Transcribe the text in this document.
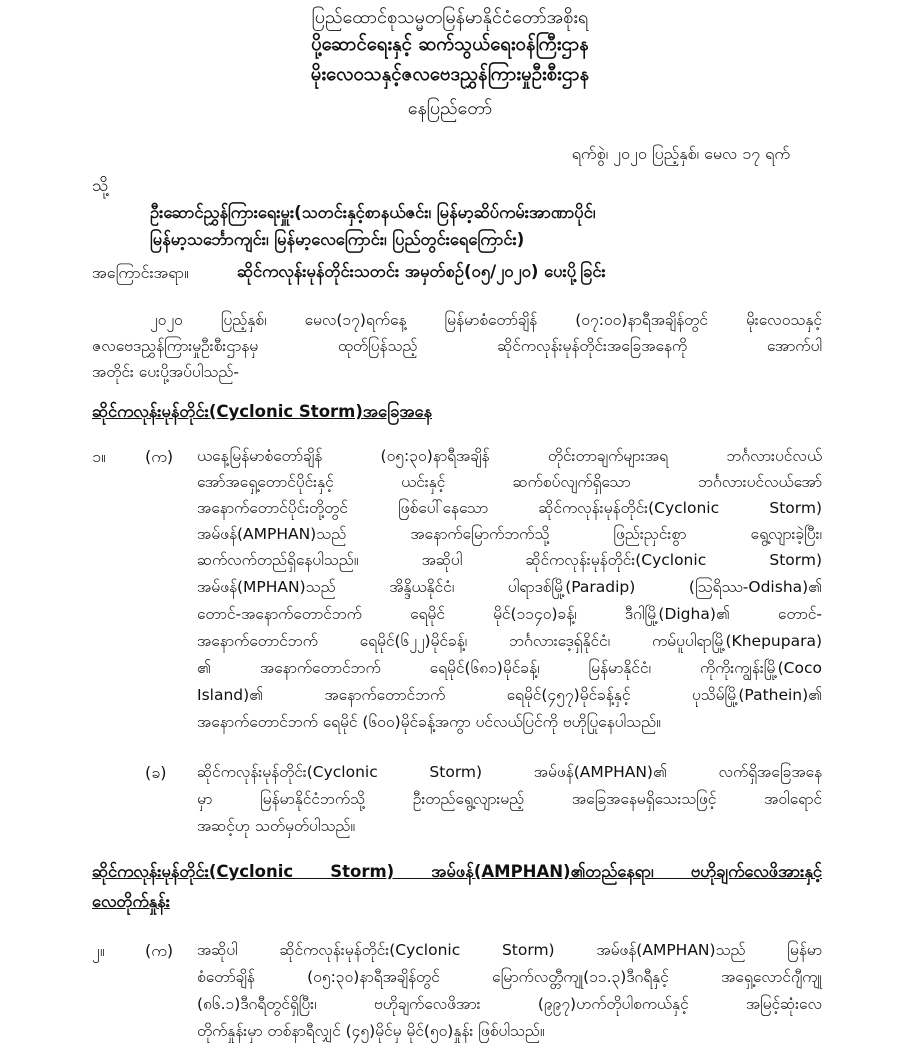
ပြည်ထောင်စုသမ္မတမြန်မာနိုင်ငံတော်အစိုးရ
ပို့ဆောင်ရေးနှင့် ဆက်သွယ်ရေးဝန်ကြီးဌာန
မိုးလေဝသနှင့်ဇလဗေဒညွှန်ကြားမှုဦးစီးဌာန
နေပြည်တော်
ရက်စွဲ၊ ၂၀၂၀ ပြည့်နှစ်၊ မေလ ၁၇ ရက်
သို့
ဦးဆောင်ညွှန်ကြားရေးမှူး(သတင်းနှင့်စာနယ်ဇင်း၊ မြန်မာ့ဆိပ်ကမ်းအာဏာပိုင်၊
မြန်မာ့သင်္ဘောကျင်း၊ မြန်မာ့လေကြောင်း၊ ပြည်တွင်းရေကြောင်း)
အကြောင်းအရာ။	ဆိုင်ကလုန်းမုန်တိုင်းသတင်း အမှတ်စဉ်(၀၅/၂၀၂၀) ပေးပို့ခြင်း
၂၀၂၀ ပြည့်နှစ်၊ မေလ(၁၇)ရက်နေ့ မြန်မာစံတော်ချိန် (၀၇:၀၀)နာရီအချိန်တွင် မိုးလေဝသနှင့်
ဇလဗေဒညွှန်ကြားမှုဦးစီးဌာနမှ ထုတ်ပြန်သည့် ဆိုင်ကလုန်းမုန်တိုင်းအခြေအနေကို အောက်ပါ
အတိုင်း ပေးပို့အပ်ပါသည်-
ဆိုင်ကလုန်းမုန်တိုင်း(Cyclonic Storm)အခြေအနေ
၁။ (က) ယနေ့မြန်မာစံတော်ချိန် (၀၅:၃၀)နာရီအချိန် တိုင်းတာချက်များအရ ဘင်္ဂလားပင်လယ်
အော်အရှေ့တောင်ပိုင်းနှင့် ယင်းနှင့် ဆက်စပ်လျက်ရှိသော ဘင်္ဂလားပင်လယ်အော်
အနောက်တောင်ပိုင်းတို့တွင် ဖြစ်ပေါ်နေသော ဆိုင်ကလုန်းမုန်တိုင်း(Cyclonic Storm)
အမ်ဖန်(AMPHAN)သည် အနောက်မြောက်ဘက်သို့ ဖြည်းညှင်းစွာ ရွေ့လျားခဲ့ပြီး၊
ဆက်လက်တည်ရှိနေပါသည်။ အဆိုပါ ဆိုင်ကလုန်းမုန်တိုင်း(Cyclonic Storm)
အမ်ဖန်(MPHAN)သည် အိန္ဒိယနိုင်ငံ၊ ပါရာဒစ်မြို့(Paradip) (ဩရိဿ-Odisha)၏
တောင်-အနောက်တောင်ဘက် ရေမိုင် မိုင်(၁၁၄၀)ခန့်၊ ဒီဂါမြို့(Digha)၏ တောင်-
အနောက်တောင်ဘက် ရေမိုင်(၆၂၂)မိုင်ခန့်၊ ဘင်္ဂလားဒေ့ရှ်နိုင်ငံ၊ ကမ်ပူပါရာမြို့(Khepupara)
၏ အနောက်တောင်ဘက် ရေမိုင်(၆၈၁)မိုင်ခန့်၊ မြန်မာနိုင်ငံ၊ ကိုကိုးကျွန်းမြို့(Coco
Island)၏ အနောက်တောင်ဘက် ရေမိုင်(၄၅၇)မိုင်ခန့်နှင့် ပုသိမ်မြို့(Pathein)၏
အနောက်တောင်ဘက် ရေမိုင် (၆၀၀)မိုင်ခန့်အကွာ ပင်လယ်ပြင်ကို ဗဟိုပြုနေပါသည်။
(ခ) ဆိုင်ကလုန်းမုန်တိုင်း(Cyclonic Storm) အမ်ဖန်(AMPHAN)၏ လက်ရှိအခြေအနေ
မှာ မြန်မာနိုင်ငံဘက်သို့ ဦးတည်ရွေ့လျားမည့် အခြေအနေမရှိသေးသဖြင့် အဝါရောင်
အဆင့်ဟု သတ်မှတ်ပါသည်။
ဆိုင်ကလုန်းမုန်တိုင်း(Cyclonic Storm) အမ်ဖန်(AMPHAN)၏တည်နေရာ၊ ဗဟိုချက်လေဖိအားနှင့်
လေတိုက်နှုန်း
၂။	(က) အဆိုပါ ဆိုင်ကလုန်းမုန်တိုင်း(Cyclonic Storm) အမ်ဖန်(AMPHAN)သည် မြန်မာ
စံတော်ချိန် (၀၅:၃၀)နာရီအချိန်တွင် မြောက်လတ္တီကျု(၁၁.၃)ဒီဂရီနှင့် အရှေ့လောင်ဂျီကျု
(၈၆.၁)ဒီဂရီတွင်ရှိပြီး၊ ဗဟိုချက်လေဖိအား (၉၉၇)ဟက်တိုပါစကယ်နှင့် အမြင့်ဆုံးလေ
တိုက်နှုန်းမှာ တစ်နာရီလျှင် (၄၅)မိုင်မှ မိုင်(၅၀)နှုန်း ဖြစ်ပါသည်။
